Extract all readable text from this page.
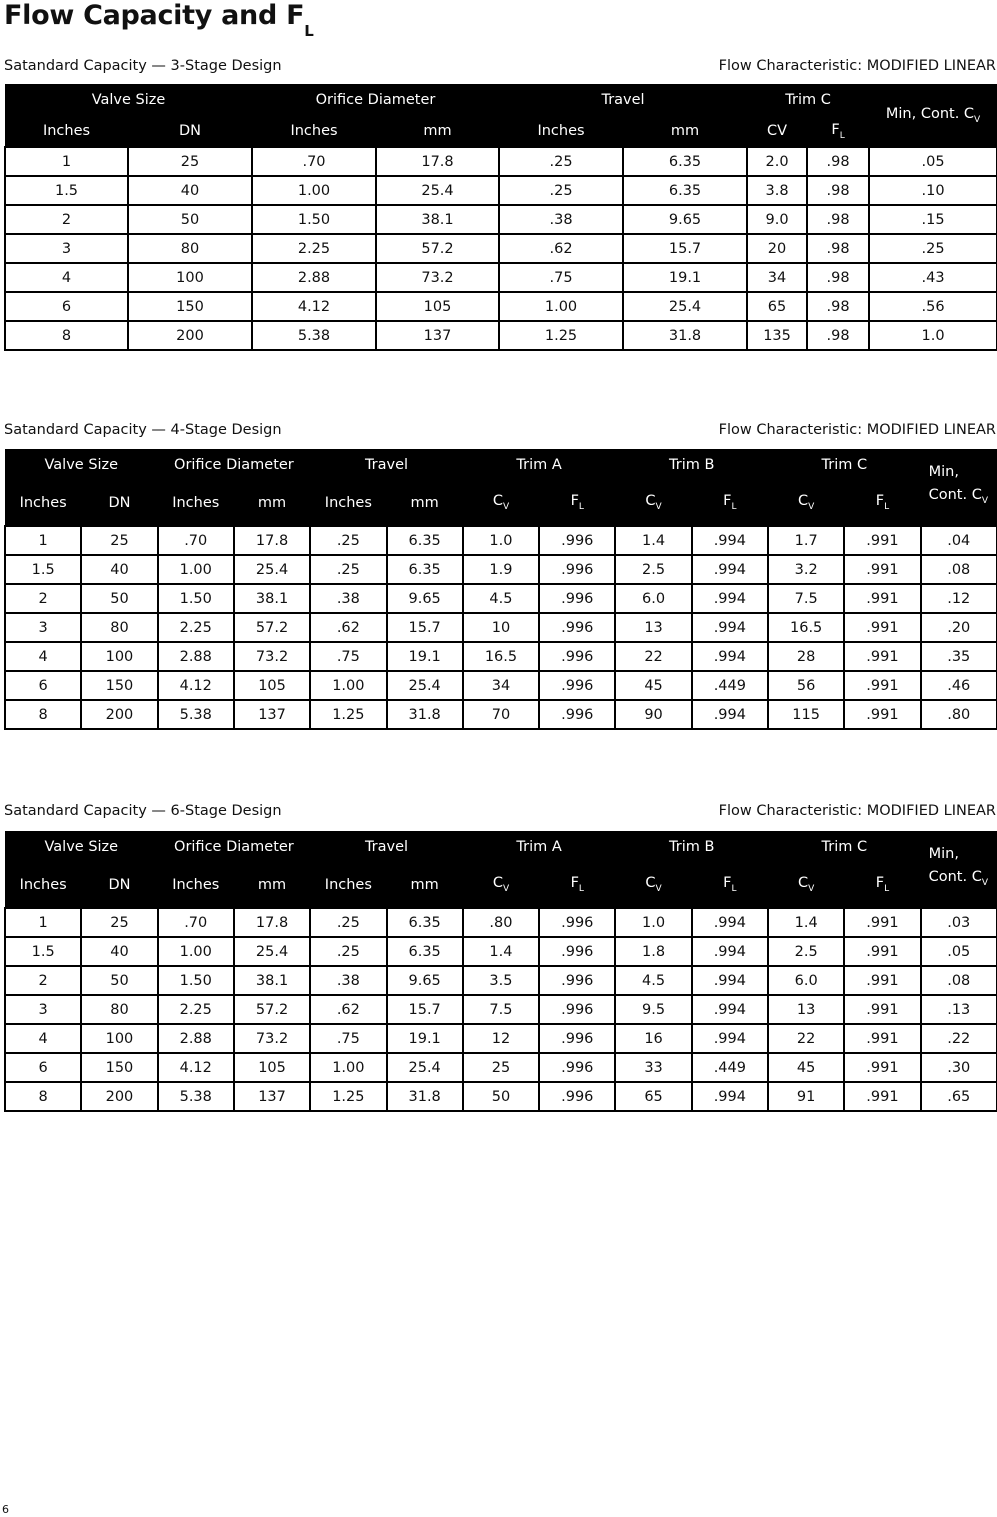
Flow Capacity and $F_L$
Satandard Capacity — 3-Stage Design	Flow Characteristic: MODIFIED LINEAR
Valve Size		Orifice Diameter		Travel		Trim C		Min, Cont. $C_V$
Inches	DN	Inches	mm	Inches	mm	CV	$F_L$
1	25	.70	17.8	.25	6.35	2.0	.98	.05
1.5	40	1.00	25.4	.25	6.35	3.8	.98	.10
2	50	1.50	38.1	.38	9.65	9.0	.98	.15
3	80	2.25	57.2	.62	15.7	20	.98	.25
4	100	2.88	73.2	.75	19.1	34	.98	.43
6	150	4.12	105	1.00	25.4	65	.98	.56
8	200	5.38	137	1.25	31.8	135	.98	1.0
Satandard Capacity — 4-Stage Design	Flow Characteristic: MODIFIED LINEAR
Valve Size		Orifice Diameter		Travel		Trim A		Trim B		Trim C		Min, Cont. $C_V$
Inches	DN	Inches	mm	Inches	mm	$C_V$	$F_L$	$C_V$	$F_L$	$C_V$	$F_L$
1	25	.70	17.8	.25	6.35	1.0	.996	1.4	.994	1.7	.991	.04
1.5	40	1.00	25.4	.25	6.35	1.9	.996	2.5	.994	3.2	.991	.08
2	50	1.50	38.1	.38	9.65	4.5	.996	6.0	.994	7.5	.991	.12
3	80	2.25	57.2	.62	15.7	10	.996	13	.994	16.5	.991	.20
4	100	2.88	73.2	.75	19.1	16.5	.996	22	.994	28	.991	.35
6	150	4.12	105	1.00	25.4	34	.996	45	.449	56	.991	.46
8	200	5.38	137	1.25	31.8	70	.996	90	.994	115	.991	.80
Satandard Capacity — 6-Stage Design	Flow Characteristic: MODIFIED LINEAR
Valve Size		Orifice Diameter		Travel		Trim A		Trim B		Trim C		Min, Cont. $C_V$
Inches	DN	Inches	mm	Inches	mm	$C_V$	$F_L$	$C_V$	$F_L$	$C_V$	$F_L$
1	25	.70	17.8	.25	6.35	.80	.996	1.0	.994	1.4	.991	.03
1.5	40	1.00	25.4	.25	6.35	1.4	.996	1.8	.994	2.5	.991	.05
2	50	1.50	38.1	.38	9.65	3.5	.996	4.5	.994	6.0	.991	.08
3	80	2.25	57.2	.62	15.7	7.5	.996	9.5	.994	13	.991	.13
4	100	2.88	73.2	.75	19.1	12	.996	16	.994	22	.991	.22
6	150	4.12	105	1.00	25.4	25	.996	33	.449	45	.991	.30
8	200	5.38	137	1.25	31.8	50	.996	65	.994	91	.991	.65
6
